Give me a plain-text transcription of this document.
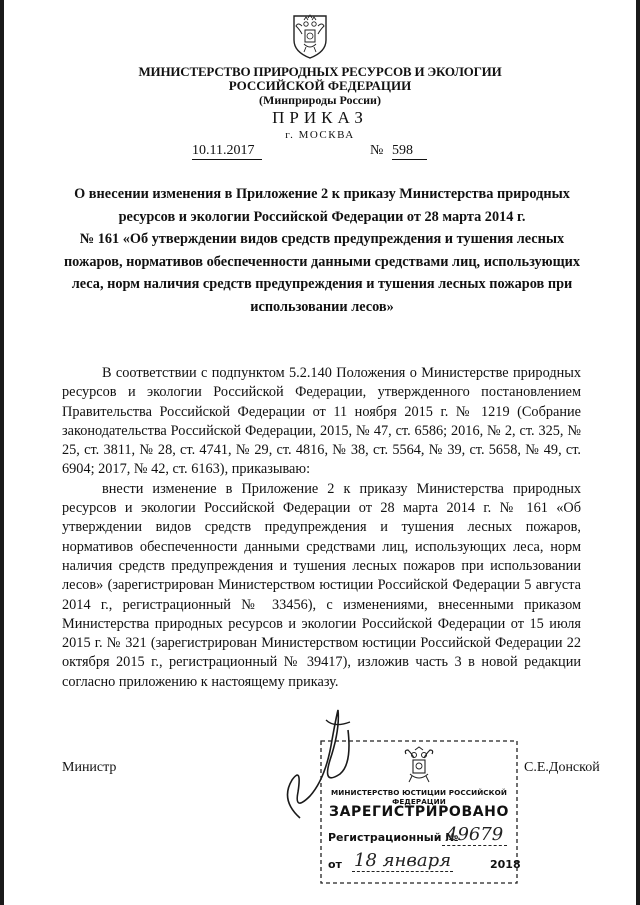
МИНИСТЕРСТВО ПРИРОДНЫХ РЕСУРСОВ И ЭКОЛОГИИ
РОССИЙСКОЙ ФЕДЕРАЦИИ
(Минприроды России)
ПРИКАЗ
г. МОСКВА
10.11.2017	№ 598
О внесении изменения в Приложение 2 к приказу Министерства природных
ресурсов и экологии Российской Федерации от 28 марта 2014 г.
№ 161 «Об утверждении видов средств предупреждения и тушения лесных
пожаров, нормативов обеспеченности данными средствами лиц, использующих
леса, норм наличия средств предупреждения и тушения лесных пожаров при
использовании лесов»

В соответствии с подпунктом 5.2.140 Положения о Министерстве природных ресурсов и экологии Российской Федерации, утвержденного постановлением Правительства Российской Федерации от 11 ноября 2015 г. № 1219 (Собрание законодательства Российской Федерации, 2015, № 47, ст. 6586; 2016, № 2, ст. 325, № 25, ст. 3811, № 28, ст. 4741, № 29, ст. 4816, № 38, ст. 5564, № 39, ст. 5658, № 49, ст. 6904; 2017, № 42, ст. 6163), приказываю:

внести изменение в Приложение 2 к приказу Министерства природных ресурсов и экологии Российской Федерации от 28 марта 2014 г. № 161 «Об утверждении видов средств предупреждения и тушения лесных пожаров, нормативов обеспеченности данными средствами лиц, использующих леса, норм наличия средств предупреждения и тушения лесных пожаров при использовании лесов» (зарегистрирован Министерством юстиции Российской Федерации 5 августа 2014 г., регистрационный № 33456), с изменениями, внесенными приказом Министерства природных ресурсов и экологии Российской Федерации от 15 июля 2015 г. № 321 (зарегистрирован Министерством юстиции Российской Федерации 22 октября 2015 г., регистрационный № 39417), изложив часть 3 в новой редакции согласно приложению к настоящему приказу.

Министр	С.Е.Донской
МИНИСТЕРСТВО ЮСТИЦИИ РОССИЙСКОЙ ФЕДЕРАЦИИ
ЗАРЕГИСТРИРОВАНО
Регистрационный №
49679
от 18 января	2018
